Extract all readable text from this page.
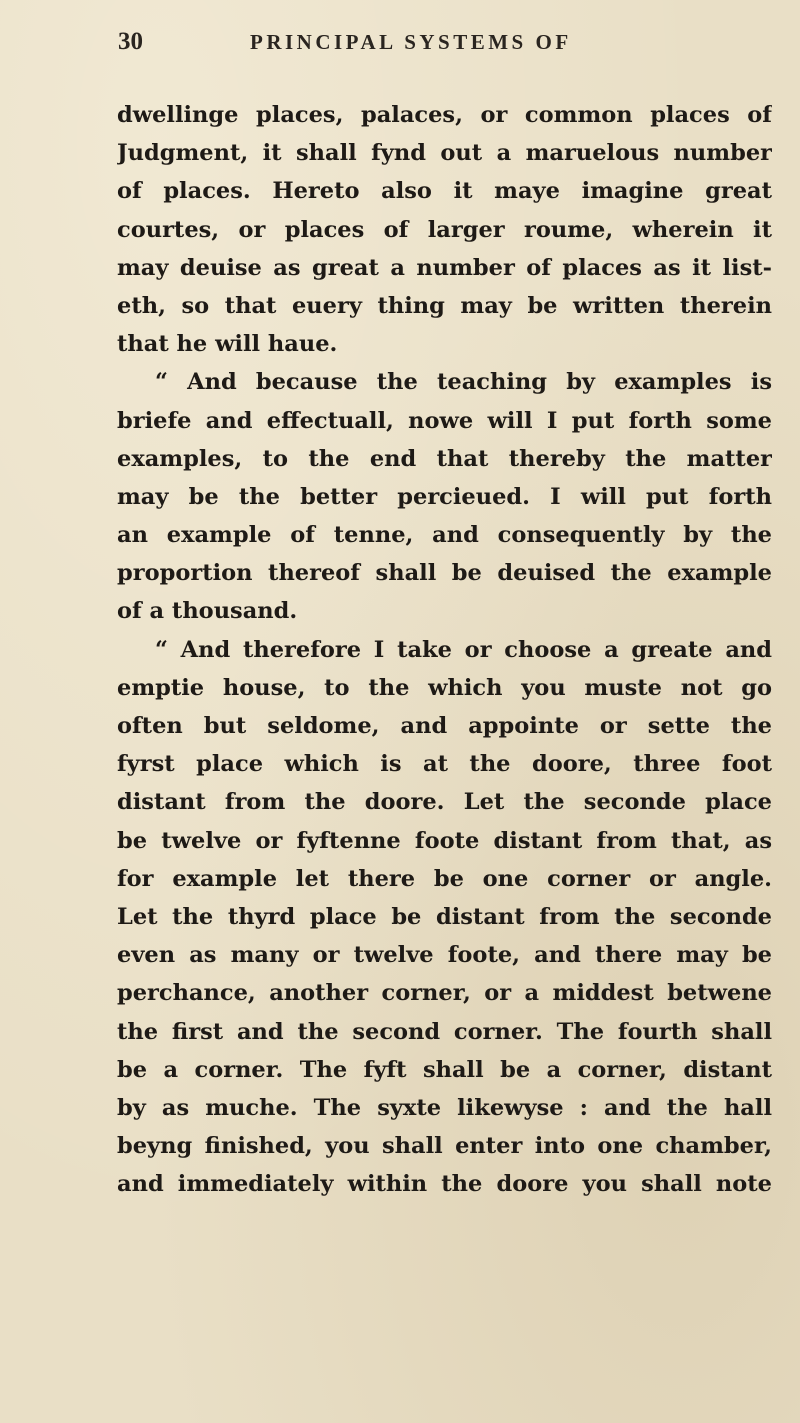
30	PRINCIPAL SYSTEMS OF
dwellinge places, palaces, or common places of
Judgment, it shall fynd out a maruelous number
of places. Hereto also it maye imagine great
courtes, or places of larger roume, wherein it
may deuise as great a number of places as it list-
eth, so that euery thing may be written therein
that he will haue.
“ And because the teaching by examples is
briefe and effectuall, nowe will I put forth some
examples, to the end that thereby the matter
may be the better percieued. I will put forth
an example of tenne, and consequently by the
proportion thereof shall be deuised the example
of a thousand.
“ And therefore I take or choose a greate and
emptie house, to the which you muste not go
often but seldome, and appointe or sette the
fyrst place which is at the doore, three foot
distant from the doore. Let the seconde place
be twelve or fyftenne foote distant from that, as
for example let there be one corner or angle.
Let the thyrd place be distant from the seconde
even as many or twelve foote, and there may be
perchance, another corner, or a middest betwene
the first and the second corner. The fourth shall
be a corner. The fyft shall be a corner, distant
by as muche. The syxte likewyse : and the hall
beyng finished, you shall enter into one chamber,
and immediately within the doore you shall note
